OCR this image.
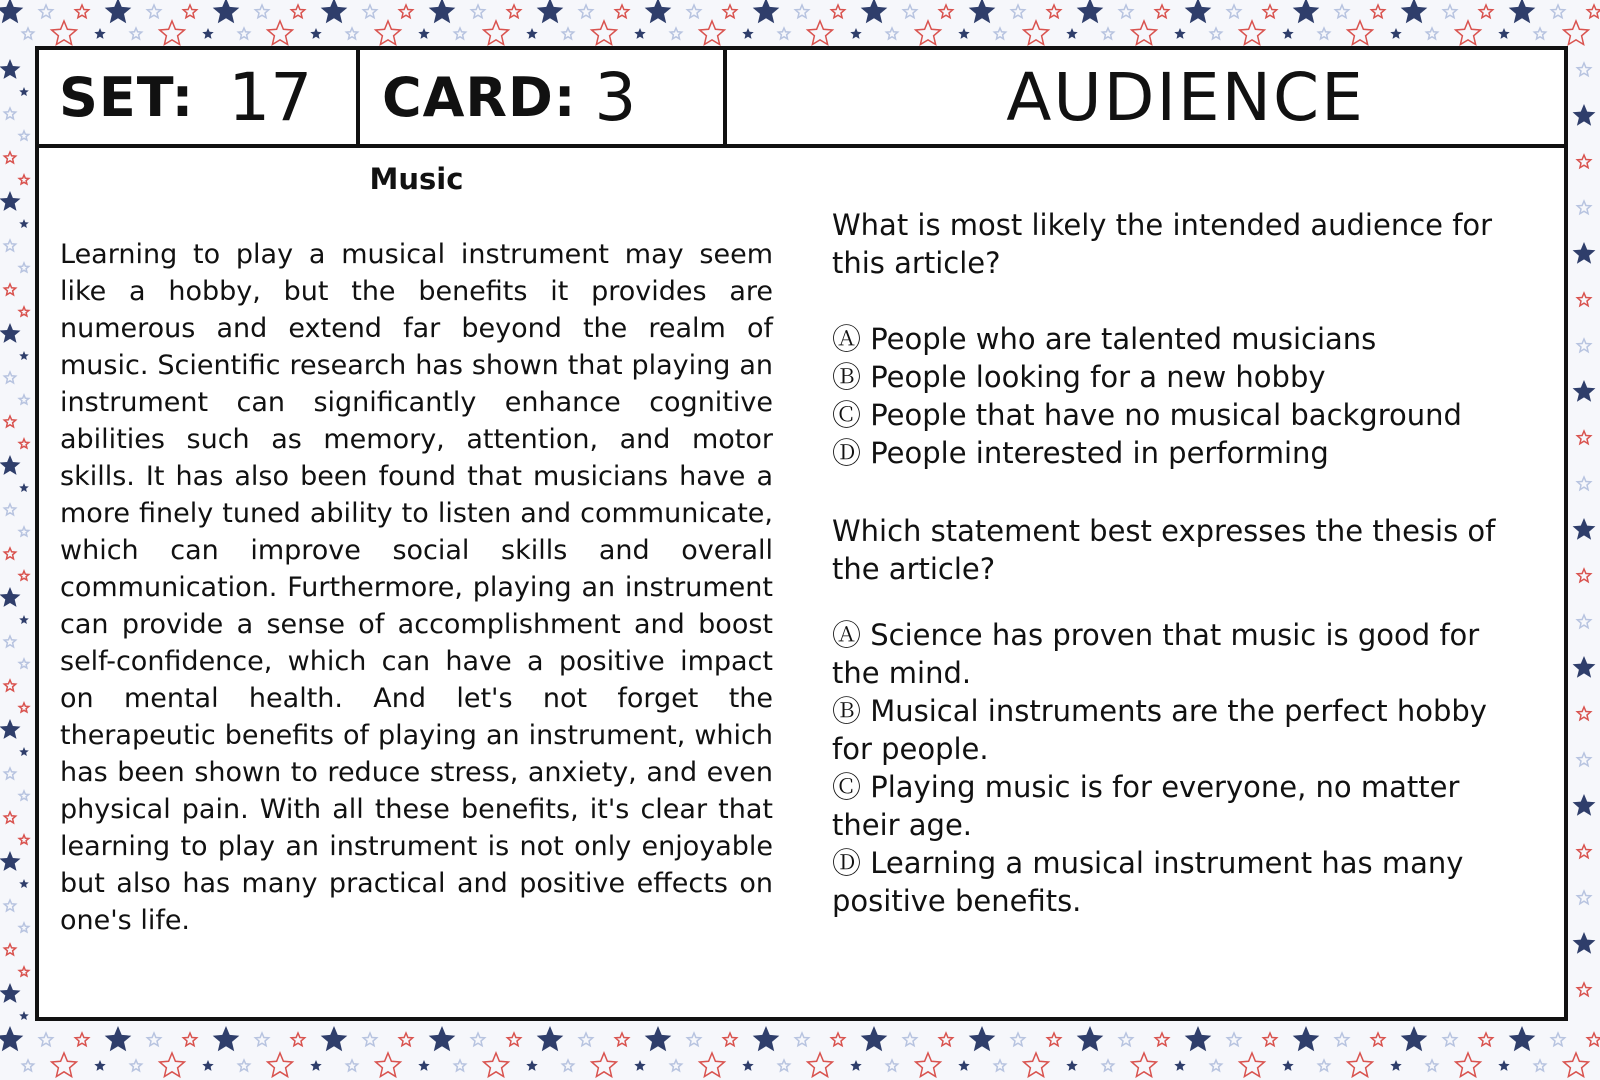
SET: 17 CARD: 3	AUDIENCE
Music

Learning to play a musical instrument may seem like a hobby, but the benefits it provides are numerous and extend far beyond the realm of music. Scientific research has shown that playing an instrument can significantly enhance cognitive abilities such as memory, attention, and motor skills. It has also been found that musicians have a more finely tuned ability to listen and communicate, which can improve social skills and overall communication. Furthermore, playing an instrument can provide a sense of accomplishment and boost self-confidence, which can have a positive impact on mental health. And let's not forget the therapeutic benefits of playing an instrument, which has been shown to reduce stress, anxiety, and even physical pain. With all these benefits, it's clear that learning to play an instrument is not only enjoyable but also has many practical and positive effects on one's life.

What is most likely the intended audience for this article?

Ⓐ People who are talented musicians
Ⓑ People looking for a new hobby
Ⓒ People that have no musical background
Ⓓ People interested in performing

Which statement best expresses the thesis of the article?

Ⓐ Science has proven that music is good for the mind.
Ⓑ Musical instruments are the perfect hobby for people.
Ⓒ Playing music is for everyone, no matter their age.
Ⓓ Learning a musical instrument has many positive benefits.
